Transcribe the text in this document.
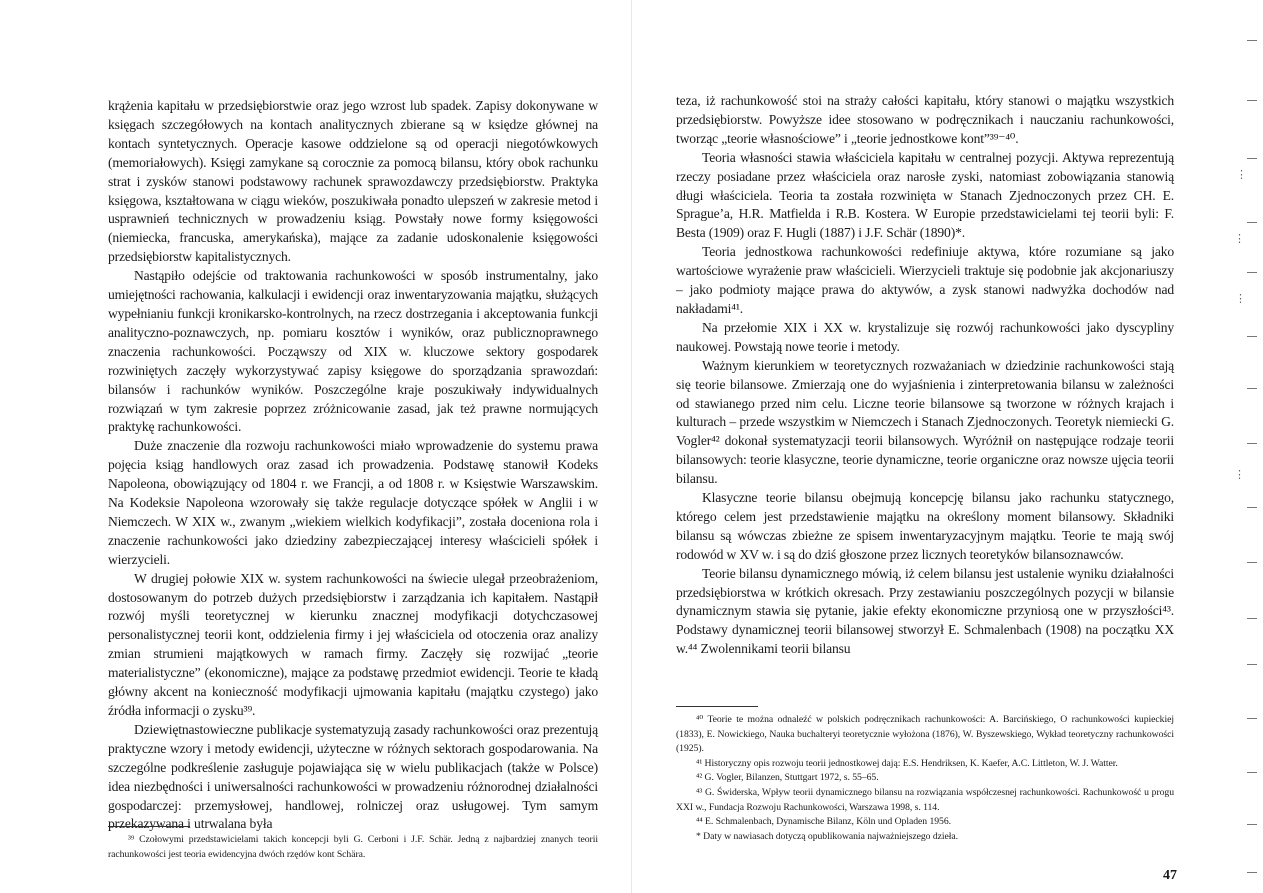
krążenia kapitału w przedsiębiorstwie oraz jego wzrost lub spadek. Zapisy dokonywane w księgach szczegółowych na kontach analitycznych zbierane są w księdze głównej na kontach syntetycznych. Operacje kasowe oddzielone są od operacji niegotówkowych (memoriałowych). Księgi zamykane są corocznie za pomocą bilansu, który obok rachunku strat i zysków stanowi podstawowy rachunek sprawozdawczy przedsiębiorstw. Praktyka księgowa, kształtowana w ciągu wieków, poszukiwała ponadto ulepszeń w zakresie metod i usprawnień technicznych w prowadzeniu ksiąg. Powstały nowe formy księgowości (niemiecka, francuska, amerykańska), mające za zadanie udoskonalenie księgowości przedsiębiorstw kapitalistycznych.

Nastąpiło odejście od traktowania rachunkowości w sposób instrumentalny, jako umiejętności rachowania, kalkulacji i ewidencji oraz inwentaryzowania majątku, służących wypełnianiu funkcji kronikarsko-kontrolnych, na rzecz dostrzegania i akceptowania funkcji analityczno-poznawczych, np. pomiaru kosztów i wyników, oraz publicznoprawnego znaczenia rachunkowości. Począwszy od XIX w. kluczowe sektory gospodarek rozwiniętych zaczęły wykorzystywać zapisy księgowe do sporządzania sprawozdań: bilansów i rachunków wyników. Poszczególne kraje poszukiwały indywidualnych rozwiązań w tym zakresie poprzez zróżnicowanie zasad, jak też prawne normujących praktykę rachunkowości.

Duże znaczenie dla rozwoju rachunkowości miało wprowadzenie do systemu prawa pojęcia ksiąg handlowych oraz zasad ich prowadzenia. Podstawę stanowił Kodeks Napoleona, obowiązujący od 1804 r. we Francji, a od 1808 r. w Księstwie Warszawskim. Na Kodeksie Napoleona wzorowały się także regulacje dotyczące spółek w Anglii i w Niemczech. W XIX w., zwanym „wiekiem wielkich kodyfikacji”, została doceniona rola i znaczenie rachunkowości jako dziedziny zabezpieczającej interesy właścicieli spółek i wierzycieli.

W drugiej połowie XIX w. system rachunkowości na świecie ulegał przeobrażeniom, dostosowanym do potrzeb dużych przedsiębiorstw i zarządzania ich kapitałem. Nastąpił rozwój myśli teoretycznej w kierunku znacznej modyfikacji dotychczasowej personalistycznej teorii kont, oddzielenia firmy i jej właściciela od otoczenia oraz analizy zmian strumieni majątkowych w ramach firmy. Zaczęły się rozwijać „teorie materialistyczne” (ekonomiczne), mające za podstawę przedmiot ewidencji. Teorie te kładą główny akcent na konieczność modyfikacji ujmowania kapitału (majątku czystego) jako źródła informacji o zysku³⁹.

Dziewiętnastowieczne publikacje systematyzują zasady rachunkowości oraz prezentują praktyczne wzory i metody ewidencji, użyteczne w różnych sektorach gospodarowania. Na szczególne podkreślenie zasługuje pojawiająca się w wielu publikacjach (także w Polsce) idea niezbędności i uniwersalności rachunkowości w prowadzeniu różnorodnej działalności gospodarczej: przemysłowej, handlowej, rolniczej oraz usługowej. Tym samym przekazywana i utrwalana była

³⁹ Czołowymi przedstawicielami takich koncepcji byli G. Cerboni i J.F. Schär. Jedną z najbardziej znanych teorii rachunkowości jest teoria ewidencyjna dwóch rzędów kont Schära.

teza, iż rachunkowość stoi na straży całości kapitału, który stanowi o majątku wszystkich przedsiębiorstw. Powyższe idee stosowano w podręcznikach i nauczaniu rachunkowości, tworząc „teorie własnościowe” i „teorie jednostkowe kont”³⁹⁻⁴⁰.

Teoria własności stawia właściciela kapitału w centralnej pozycji. Aktywa reprezentują rzeczy posiadane przez właściciela oraz narosłe zyski, natomiast zobowiązania stanowią długi właściciela. Teoria ta została rozwinięta w Stanach Zjednoczonych przez CH. E. Sprague’a, H.R. Matfielda i R.B. Kostera. W Europie przedstawicielami tej teorii byli: F. Besta (1909) oraz F. Hugli (1887) i J.F. Schär (1890)*.

Teoria jednostkowa rachunkowości redefiniuje aktywa, które rozumiane są jako wartościowe wyrażenie praw właścicieli. Wierzycieli traktuje się podobnie jak akcjonariuszy – jako podmioty mające prawa do aktywów, a zysk stanowi nadwyżka dochodów nad nakładami⁴¹.

Na przełomie XIX i XX w. krystalizuje się rozwój rachunkowości jako dyscypliny naukowej. Powstają nowe teorie i metody.

Ważnym kierunkiem w teoretycznych rozważaniach w dziedzinie rachunkowości stają się teorie bilansowe. Zmierzają one do wyjaśnienia i zinterpretowania bilansu w zależności od stawianego przed nim celu. Liczne teorie bilansowe są tworzone w różnych krajach i kulturach – przede wszystkim w Niemczech i Stanach Zjednoczonych. Teoretyk niemiecki G. Vogler⁴² dokonał systematyzacji teorii bilansowych. Wyróżnił on następujące rodzaje teorii bilansowych: teorie klasyczne, teorie dynamiczne, teorie organiczne oraz nowsze ujęcia teorii bilansu.

Klasyczne teorie bilansu obejmują koncepcję bilansu jako rachunku statycznego, którego celem jest przedstawienie majątku na określony moment bilansowy. Składniki bilansu są wówczas zbieżne ze spisem inwentaryzacyjnym majątku. Teorie te mają swój rodowód w XV w. i są do dziś głoszone przez licznych teoretyków bilansoznawców.

Teorie bilansu dynamicznego mówią, iż celem bilansu jest ustalenie wyniku działalności przedsiębiorstwa w krótkich okresach. Przy zestawianiu poszczególnych pozycji w bilansie dynamicznym stawia się pytanie, jakie efekty ekonomiczne przyniosą one w przyszłości⁴³. Podstawy dynamicznej teorii bilansowej stworzył E. Schmalenbach (1908) na początku XX w.⁴⁴ Zwolennikami teorii bilansu

⁴⁰ Teorie te można odnaleźć w polskich podręcznikach rachunkowości: A. Barcińskiego, O rachunkowości kupieckiej (1833), E. Nowickiego, Nauka buchalteryi teoretycznie wyłożona (1876), W. Byszewskiego, Wykład teoretyczny rachunkowości (1925).

⁴¹ Historyczny opis rozwoju teorii jednostkowej dają: E.S. Hendriksen, K. Kaefer, A.C. Littleton, W. J. Watter.

⁴² G. Vogler, Bilanzen, Stuttgart 1972, s. 55–65.

⁴³ G. Świderska, Wpływ teorii dynamicznego bilansu na rozwiązania współczesnej rachunkowości. Rachunkowość u progu XXI w., Fundacja Rozwoju Rachunkowości, Warszawa 1998, s. 114.

⁴⁴ E. Schmalenbach, Dynamische Bilanz, Köln und Opladen 1956.

* Daty w nawiasach dotyczą opublikowania najważniejszego dzieła.

47
⋮
⋮
⋮
⋮
